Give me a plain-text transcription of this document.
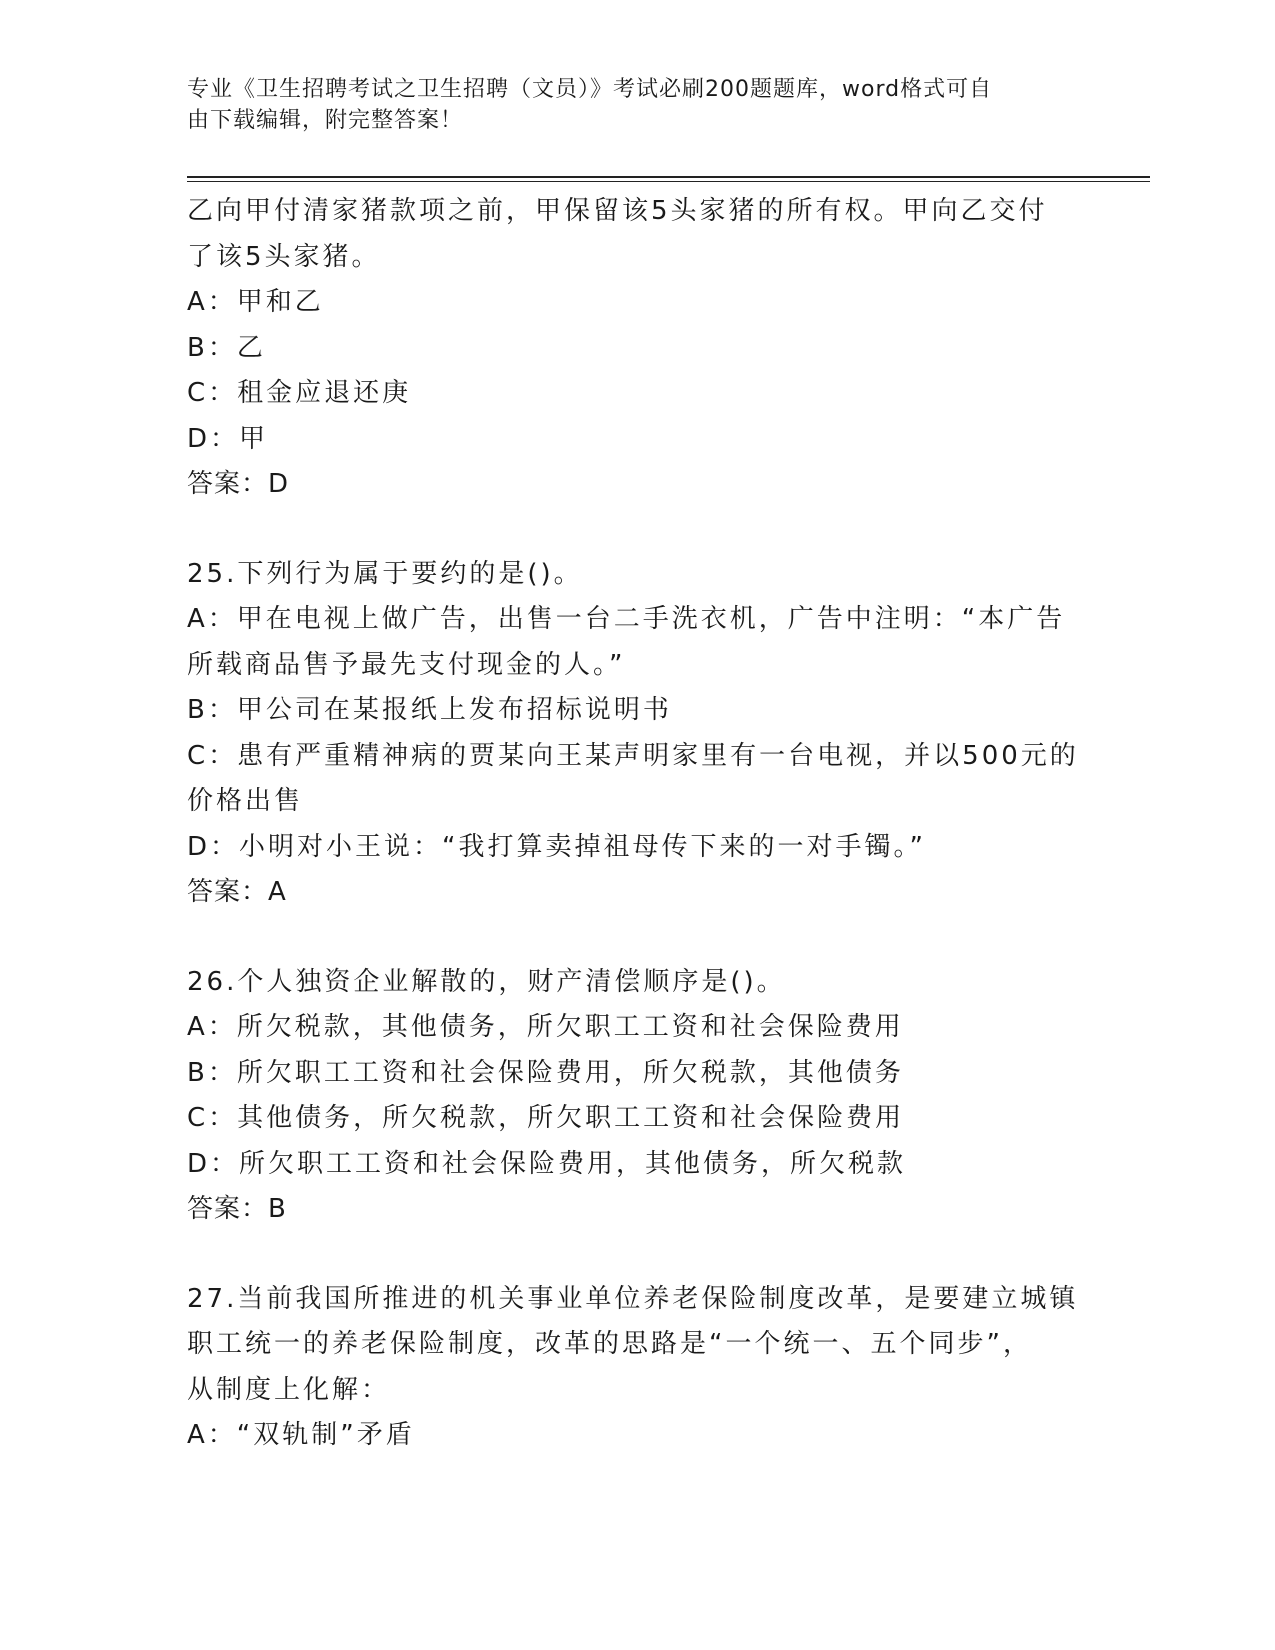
专业《卫生招聘考试之卫生招聘（文员）》考试必刷200题题库，word格式可自
由下载编辑，附完整答案！
乙向甲付清家猪款项之前，甲保留该5头家猪的所有权。甲向乙交付
了该5头家猪。
A：甲和乙
B：乙
C：租金应退还庚
D：甲
答案：D
25.下列行为属于要约的是()。
A：甲在电视上做广告，出售一台二手洗衣机，广告中注明：“本广告
所载商品售予最先支付现金的人。”
B：甲公司在某报纸上发布招标说明书
C：患有严重精神病的贾某向王某声明家里有一台电视，并以500元的
价格出售
D：小明对小王说：“我打算卖掉祖母传下来的一对手镯。”
答案：A
26.个人独资企业解散的，财产清偿顺序是()。
A：所欠税款，其他债务，所欠职工工资和社会保险费用
B：所欠职工工资和社会保险费用，所欠税款，其他债务
C：其他债务，所欠税款，所欠职工工资和社会保险费用
D：所欠职工工资和社会保险费用，其他债务，所欠税款
答案：B
27.当前我国所推进的机关事业单位养老保险制度改革，是要建立城镇
职工统一的养老保险制度，改革的思路是“一个统一、五个同步”，
从制度上化解：
A：“双轨制”矛盾
